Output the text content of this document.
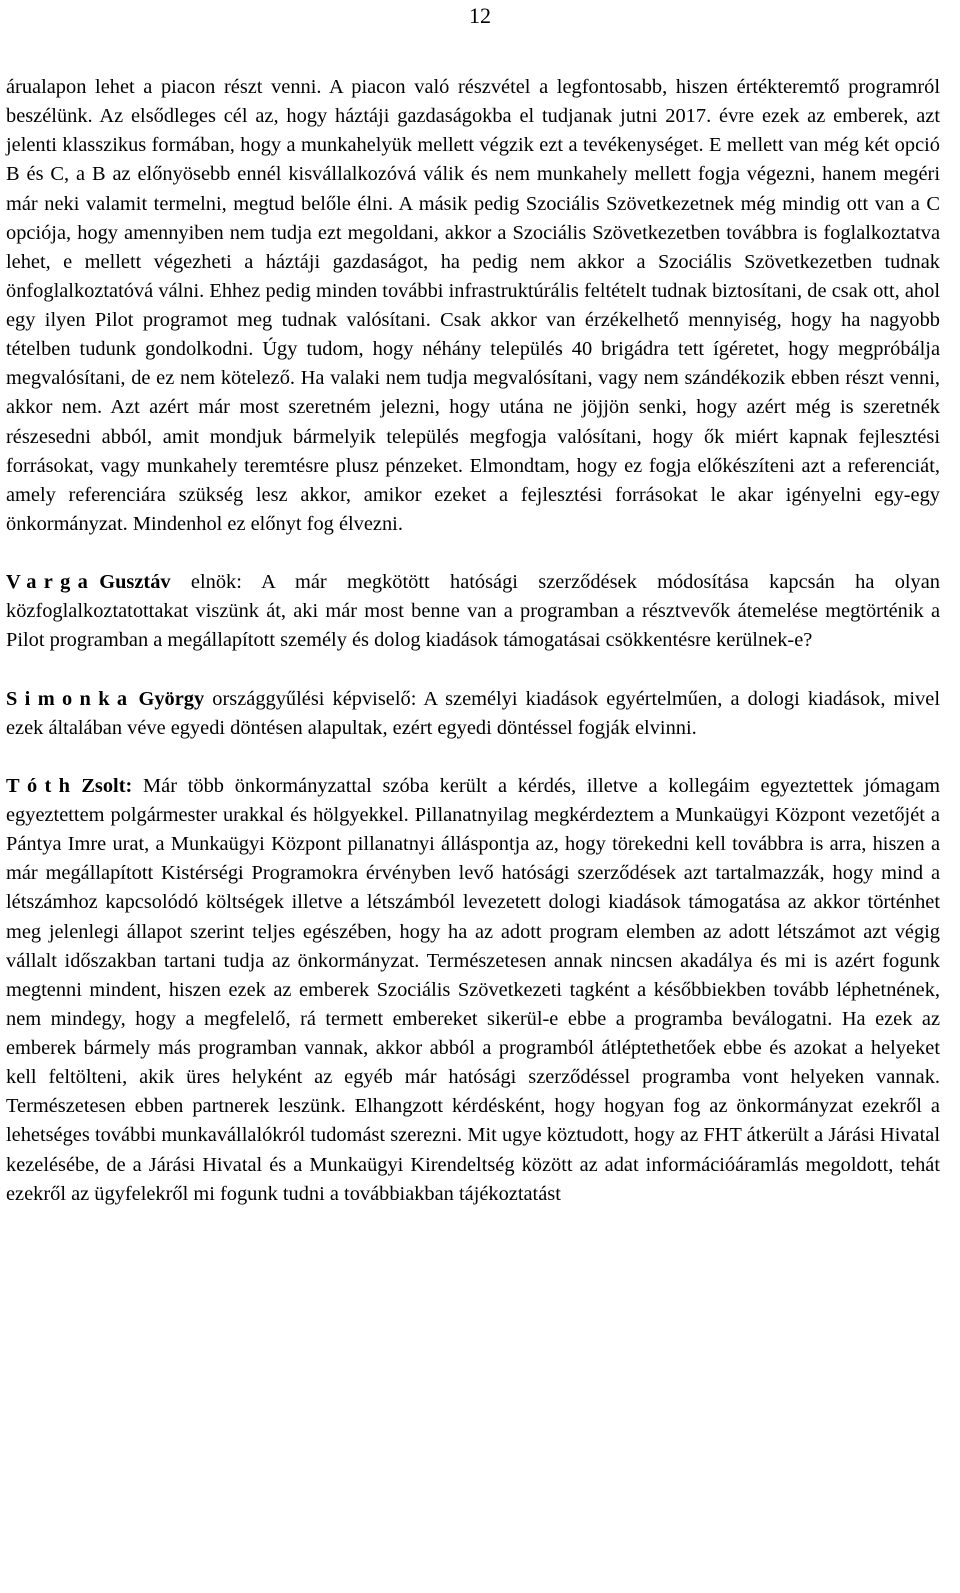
12

árualapon lehet a piacon részt venni. A piacon való részvétel a legfontosabb, hiszen értékteremtő programról beszélünk. Az elsődleges cél az, hogy háztáji gazdaságokba el tudjanak jutni 2017. évre ezek az emberek, azt jelenti klasszikus formában, hogy a munkahelyük mellett végzik ezt a tevékenységet. E mellett van még két opció B és C, a B az előnyösebb ennél kisvállalkozóvá válik és nem munkahely mellett fogja végezni, hanem megéri már neki valamit termelni, megtud belőle élni. A másik pedig Szociális Szövetkezetnek még mindig ott van a C opciója, hogy amennyiben nem tudja ezt megoldani, akkor a Szociális Szövetkezetben továbbra is foglalkoztatva lehet, e mellett végezheti a háztáji gazdaságot, ha pedig nem akkor a Szociális Szövetkezetben tudnak önfoglalkoztatóvá válni. Ehhez pedig minden további infrastruktúrális feltételt tudnak biztosítani, de csak ott, ahol egy ilyen Pilot programot meg tudnak valósítani. Csak akkor van érzékelhető mennyiség, hogy ha nagyobb tételben tudunk gondolkodni. Úgy tudom, hogy néhány település 40 brigádra tett ígéretet, hogy megpróbálja megvalósítani, de ez nem kötelező. Ha valaki nem tudja megvalósítani, vagy nem szándékozik ebben részt venni, akkor nem. Azt azért már most szeretném jelezni, hogy utána ne jöjjön senki, hogy azért még is szeretnék részesedni abból, amit mondjuk bármelyik település megfogja valósítani, hogy ők miért kapnak fejlesztési forrásokat, vagy munkahely teremtésre plusz pénzeket. Elmondtam, hogy ez fogja előkészíteni azt a referenciát, amely referenciára szükség lesz akkor, amikor ezeket a fejlesztési forrásokat le akar igényelni egy-egy önkormányzat. Mindenhol ez előnyt fog élvezni.

Varga Gusztáv elnök: A már megkötött hatósági szerződések módosítása kapcsán ha olyan közfoglalkoztatottakat viszünk át, aki már most benne van a programban a résztvevők átemelése megtörténik a Pilot programban a megállapított személy és dolog kiadások támogatásai csökkentésre kerülnek-e?

Simonka György országgyűlési képviselő: A személyi kiadások egyértelműen, a dologi kiadások, mivel ezek általában véve egyedi döntésen alapultak, ezért egyedi döntéssel fogják elvinni.

Tóth Zsolt: Már több önkormányzattal szóba került a kérdés, illetve a kollegáim egyeztettek jómagam egyeztettem polgármester urakkal és hölgyekkel. Pillanatnyilag megkérdeztem a Munkaügyi Központ vezetőjét a Pántya Imre urat, a Munkaügyi Központ pillanatnyi álláspontja az, hogy törekedni kell továbbra is arra, hiszen a már megállapított Kistérségi Programokra érvényben levő hatósági szerződések azt tartalmazzák, hogy mind a létszámhoz kapcsolódó költségek illetve a létszámból levezetett dologi kiadások támogatása az akkor történhet meg jelenlegi állapot szerint teljes egészében, hogy ha az adott program elemben az adott létszámot azt végig vállalt időszakban tartani tudja az önkormányzat. Természetesen annak nincsen akadálya és mi is azért fogunk megtenni mindent, hiszen ezek az emberek Szociális Szövetkezeti tagként a későbbiekben tovább léphetnének, nem mindegy, hogy a megfelelő, rá termett embereket sikerül-e ebbe a programba beválogatni. Ha ezek az emberek bármely más programban vannak, akkor abból a programból átléptethetőek ebbe és azokat a helyeket kell feltölteni, akik üres helyként az egyéb már hatósági szerződéssel programba vont helyeken vannak. Természetesen ebben partnerek leszünk. Elhangzott kérdésként, hogy hogyan fog az önkormányzat ezekről a lehetséges további munkavállalókról tudomást szerezni. Mit ugye köztudott, hogy az FHT átkerült a Járási Hivatal kezelésébe, de a Járási Hivatal és a Munkaügyi Kirendeltség között az adat információáramlás megoldott, tehát ezekről az ügyfelekről mi fogunk tudni a továbbiakban tájékoztatást
